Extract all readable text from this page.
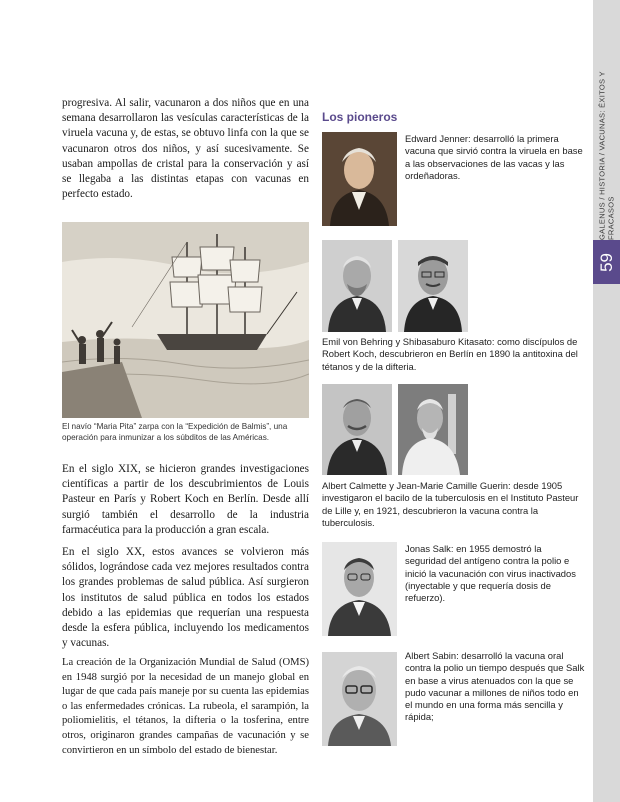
GALENUS / HISTORIA / VACUNAS: ÉXITOS Y FRACASOS
59

progresiva. Al salir, vacunaron a dos niños que en una semana desarrollaron las vesículas características de la viruela vacuna y, de estas, se obtuvo linfa con la que se vacunaron otros dos niños, y así sucesivamente. Se usaban ampollas de cristal para la conservación y así se llegaba a las distintas etapas con vacunas en perfecto estado.

El navío “Maria Pita” zarpa con la “Expedición de Balmis”, una operación para inmunizar a los súbditos de las Américas.

En el siglo XIX, se hicieron grandes investigaciones científicas a partir de los descubrimientos de Louis Pasteur en París y Robert Koch en Berlín. Desde allí surgió también el desarrollo de la industria farmacéutica para la producción a gran escala.

En el siglo XX, estos avances se volvieron más sólidos, lográndose cada vez mejores resultados contra los grandes problemas de salud pública. Así surgieron los institutos de salud pública en todos los estados debido a las epidemias que requerían una respuesta desde la esfera pública, incluyendo los medicamentos y vacunas.

La creación de la Organización Mundial de Salud (OMS) en 1948 surgió por la necesidad de un manejo global en lugar de que cada país maneje por su cuenta las epidemias o las enfermedades crónicas. La rubeola, el sarampión, la poliomielitis, el tétanos, la difteria o la tosferina, entre otros, originaron grandes campañas de vacunación y se convirtieron en un símbolo del estado de bienestar.

Los pioneros

Edward Jenner: desarrolló la primera vacuna que sirvió contra la viruela en base a las observaciones de las vacas y las ordeñadoras.

Emil von Behring y Shibasaburo Kitasato: como discípulos de Robert Koch, descubrieron en Berlín en 1890 la antitoxina del tétanos y de la difteria.

Albert Calmette y Jean-Marie Camille Guerin: desde 1905 investigaron el bacilo de la tuberculosis en el Instituto Pasteur de Lille y, en 1921, descubrieron la vacuna contra la tuberculosis.

Jonas Salk: en 1955 demostró la seguridad del antígeno contra la polio e inició la vacunación con virus inactivados (inyectable y que requería dosis de refuerzo).

Albert Sabin: desarrolló la vacuna oral contra la polio un tiempo después que Salk en base a virus atenuados con la que se pudo vacunar a millones de niños todo en el mundo en una forma más sencilla y rápida;
